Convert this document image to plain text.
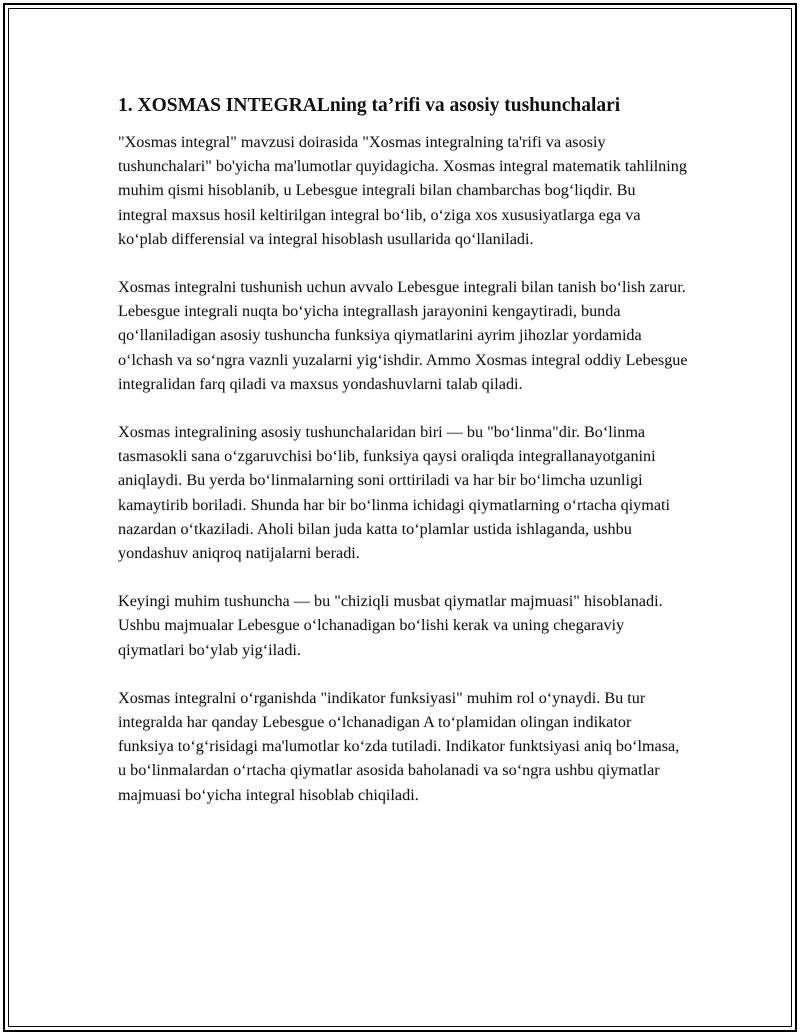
1. XOSMAS INTEGRALning ta’rifi va asosiy tushunchalari

"Xosmas integral" mavzusi doirasida "Xosmas integralning ta'rifi va asosiy tushunchalari" bo'yicha ma'lumotlar quyidagicha. Xosmas integral matematik tahlilning muhim qismi hisoblanib, u Lebesgue integrali bilan chambarchas bog‘liqdir. Bu integral maxsus hosil keltirilgan integral bo‘lib, o‘ziga xos xususiyatlarga ega va ko‘plab differensial va integral hisoblash usullarida qo‘llaniladi.

Xosmas integralni tushunish uchun avvalo Lebesgue integrali bilan tanish bo‘lish zarur. Lebesgue integrali nuqta bo‘yicha integrallash jarayonini kengaytiradi, bunda qo‘llaniladigan asosiy tushuncha funksiya qiymatlarini ayrim jihozlar yordamida o‘lchash va so‘ngra vaznli yuzalarni yig‘ishdir. Ammo Xosmas integral oddiy Lebesgue integralidan farq qiladi va maxsus yondashuvlarni talab qiladi.

Xosmas integralining asosiy tushunchalaridan biri — bu "bo‘linma"dir. Bo‘linma tasmasokli sana o‘zgaruvchisi bo‘lib, funksiya qaysi oraliqda integrallanayotganini aniqlaydi. Bu yerda bo‘linmalarning soni orttiriladi va har bir bo‘limcha uzunligi kamaytirib boriladi. Shunda har bir bo‘linma ichidagi qiymatlarning o‘rtacha qiymati nazardan o‘tkaziladi. Aholi bilan juda katta to‘plamlar ustida ishlaganda, ushbu yondashuv aniqroq natijalarni beradi.

Keyingi muhim tushuncha — bu "chiziqli musbat qiymatlar majmuasi" hisoblanadi. Ushbu majmualar Lebesgue o‘lchanadigan bo‘lishi kerak va uning chegaraviy qiymatlari bo‘ylab yig‘iladi.

Xosmas integralni o‘rganishda "indikator funksiyasi" muhim rol o‘ynaydi. Bu tur integralda har qanday Lebesgue o‘lchanadigan A to‘plamidan olingan indikator funksiya to‘g‘risidagi ma'lumotlar ko‘zda tutiladi. Indikator funktsiyasi aniq bo‘lmasa, u bo‘linmalardan o‘rtacha qiymatlar asosida baholanadi va so‘ngra ushbu qiymatlar majmuasi bo‘yicha integral hisoblab chiqiladi.
